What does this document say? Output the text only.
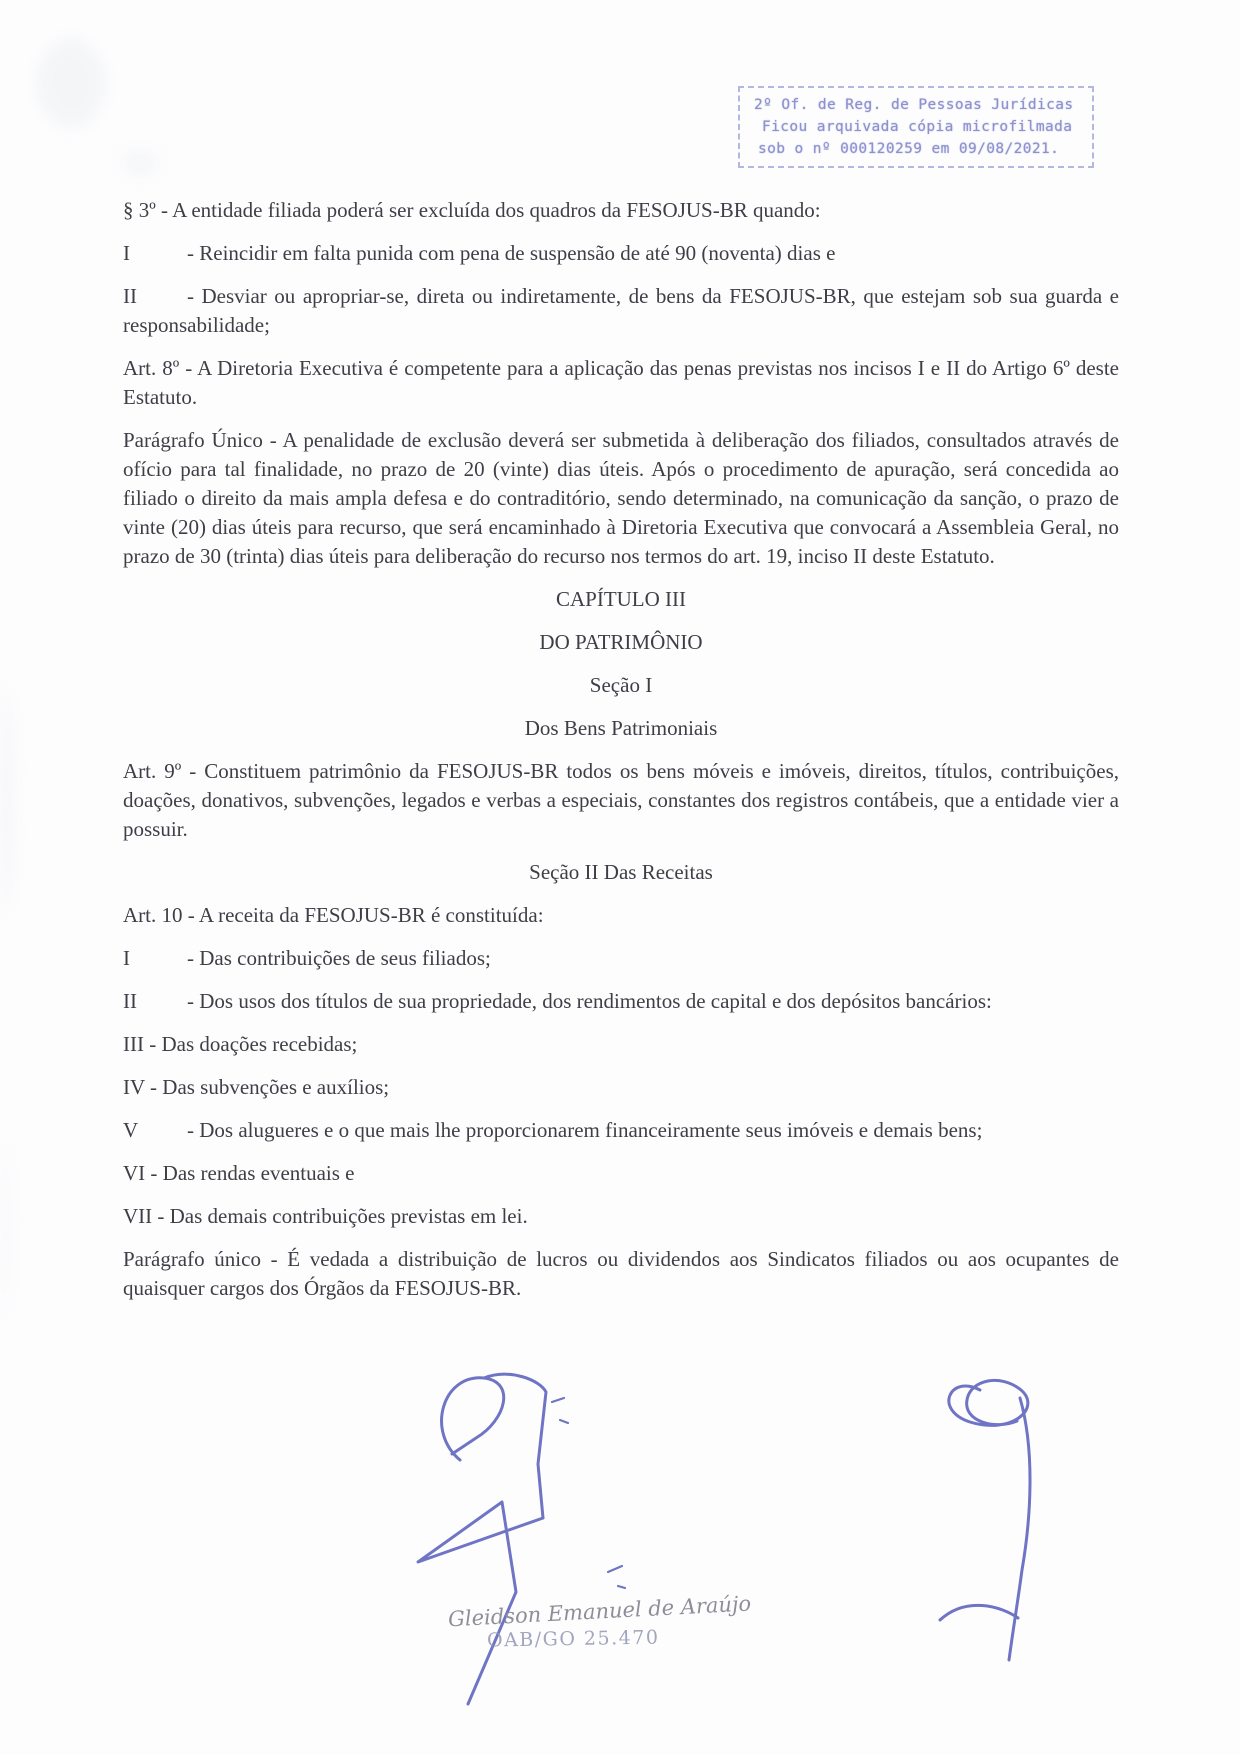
2º Of. de Reg. de Pessoas Jurídicas
Ficou arquivada cópia microfilmada
sob o nº 000120259 em 09/08/2021.

§ 3º - A entidade filiada poderá ser excluída dos quadros da FESOJUS-BR quando:

I	- Reincidir em falta punida com pena de suspensão de até 90 (noventa) dias e

II - Desviar ou apropriar-se, direta ou indiretamente, de bens da FESOJUS-BR, que estejam sob sua guarda e responsabilidade;

Art. 8º - A Diretoria Executiva é competente para a aplicação das penas previstas nos incisos I e II do Artigo 6º deste Estatuto.

Parágrafo Único - A penalidade de exclusão deverá ser submetida à deliberação dos filiados, consultados através de ofício para tal finalidade, no prazo de 20 (vinte) dias úteis. Após o procedimento de apuração, será concedida ao filiado o direito da mais ampla defesa e do contraditório, sendo determinado, na comunicação da sanção, o prazo de vinte (20) dias úteis para recurso, que será encaminhado à Diretoria Executiva que convocará a Assembleia Geral, no prazo de 30 (trinta) dias úteis para deliberação do recurso nos termos do art. 19, inciso II deste Estatuto.

CAPÍTULO III

DO PATRIMÔNIO

Seção I

Dos Bens Patrimoniais

Art. 9º - Constituem patrimônio da FESOJUS-BR todos os bens móveis e imóveis, direitos, títulos, contribuições, doações, donativos, subvenções, legados e verbas a especiais, constantes dos registros contábeis, que a entidade vier a possuir.

Seção II Das Receitas

Art. 10 - A receita da FESOJUS-BR é constituída:

I	- Das contribuições de seus filiados;

II - Dos usos dos títulos de sua propriedade, dos rendimentos de capital e dos depósitos bancários:

III - Das doações recebidas;

IV - Das subvenções e auxílios;

V - Dos alugueres e o que mais lhe proporcionarem financeiramente seus imóveis e demais bens;

VI - Das rendas eventuais e

VII - Das demais contribuições previstas em lei.

Parágrafo único - É vedada a distribuição de lucros ou dividendos aos Sindicatos filiados ou aos ocupantes de quaisquer cargos dos Órgãos da FESOJUS-BR.

Gleidson Emanuel de Araújo
OAB/GO 25.470
